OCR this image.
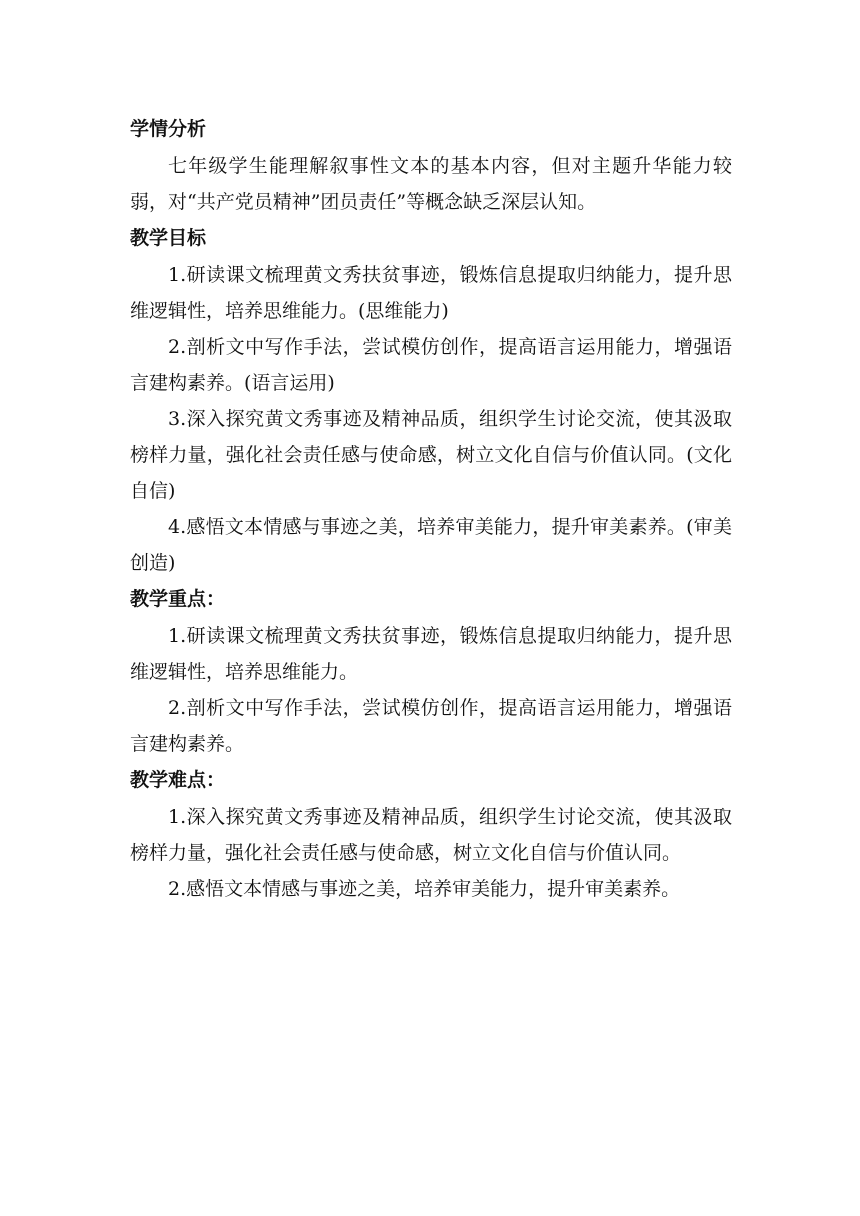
学情分析

七年级学生能理解叙事性文本的基本内容，但对主题升华能力较弱，对“共产党员精神”团员责任”等概念缺乏深层认知。

教学目标

1.研读课文梳理黄文秀扶贫事迹，锻炼信息提取归纳能力，提升思维逻辑性，培养思维能力。(思维能力)

2.剖析文中写作手法，尝试模仿创作，提高语言运用能力，增强语言建构素养。(语言运用)

3.深入探究黄文秀事迹及精神品质，组织学生讨论交流，使其汲取榜样力量，强化社会责任感与使命感，树立文化自信与价值认同。(文化自信)

4.感悟文本情感与事迹之美，培养审美能力，提升审美素养。(审美创造)

教学重点：

1.研读课文梳理黄文秀扶贫事迹，锻炼信息提取归纳能力，提升思维逻辑性，培养思维能力。

2.剖析文中写作手法，尝试模仿创作，提高语言运用能力，增强语言建构素养。

教学难点：

1.深入探究黄文秀事迹及精神品质，组织学生讨论交流，使其汲取榜样力量，强化社会责任感与使命感，树立文化自信与价值认同。

2.感悟文本情感与事迹之美，培养审美能力，提升审美素养。
